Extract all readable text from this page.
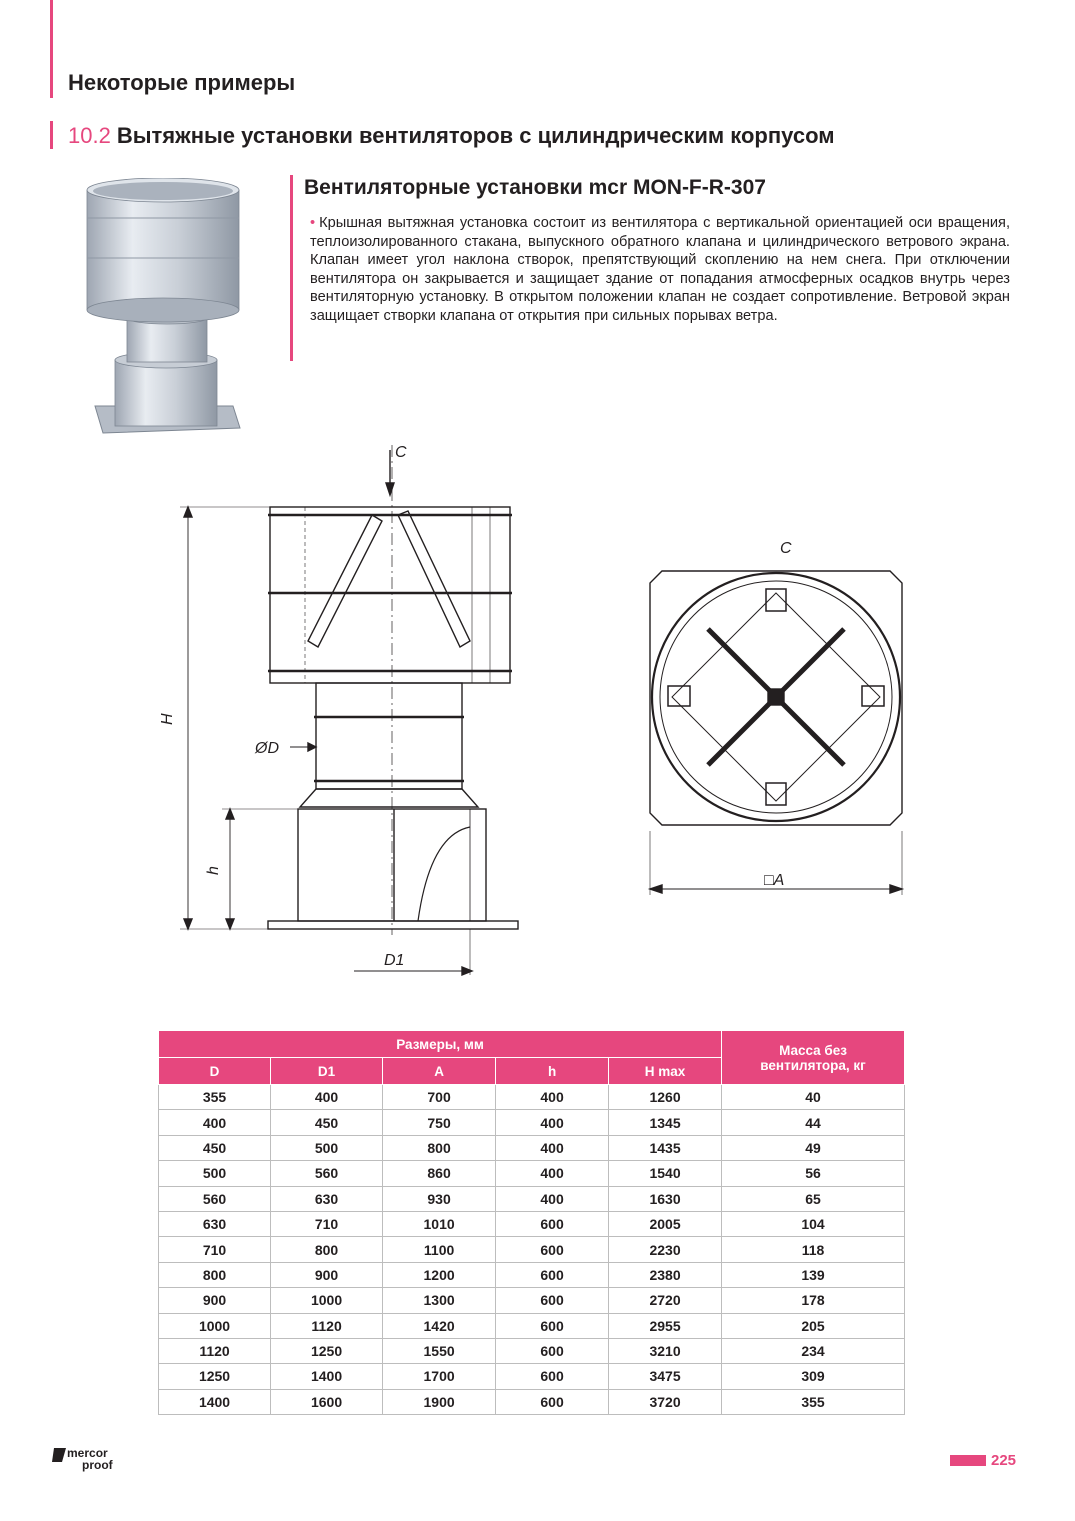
Некоторые примеры
10.2 Вытяжные установки вентиляторов с цилиндрическим корпусом
Вентиляторные установки mcr MON-F-R-307
• Крышная вытяжная установка состоит из вентилятора с вертикальной ориентацией оси вращения, теплоизолированного стакана, выпускного обратного клапана и цилиндрического ветрового экрана. Клапан имеет угол наклона створок, препятствующий скоплению на нем снега. При отключении вентилятора он закрывается и защищает здание от попадания атмосферных осадков внутрь через вентиляторную установку. В открытом положении клапан не создает сопротивление. Ветровой экран защищает створки клапана от открытия при сильных порывах ветра.
C
H
ØD
h
D1
C
□A
Размеры, мм					Масса без
вентилятора, кг

D	D1	A	h	H max	
355	400	700	400	1260	40
400	450	750	400	1345	44
450	500	800	400	1435	49
500	560	860	400	1540	56
560	630	930	400	1630	65
630	710	1010	600	2005	104
710	800	1100	600	2230	118
800	900	1200	600	2380	139
900	1000	1300	600	2720	178
1000	1120	1420	600	2955	205
1120	1250	1550	600	3210	234
1250	1400	1700	600	3475	309
1400	1600	1900	600	3720	355
mercor
proof	225
